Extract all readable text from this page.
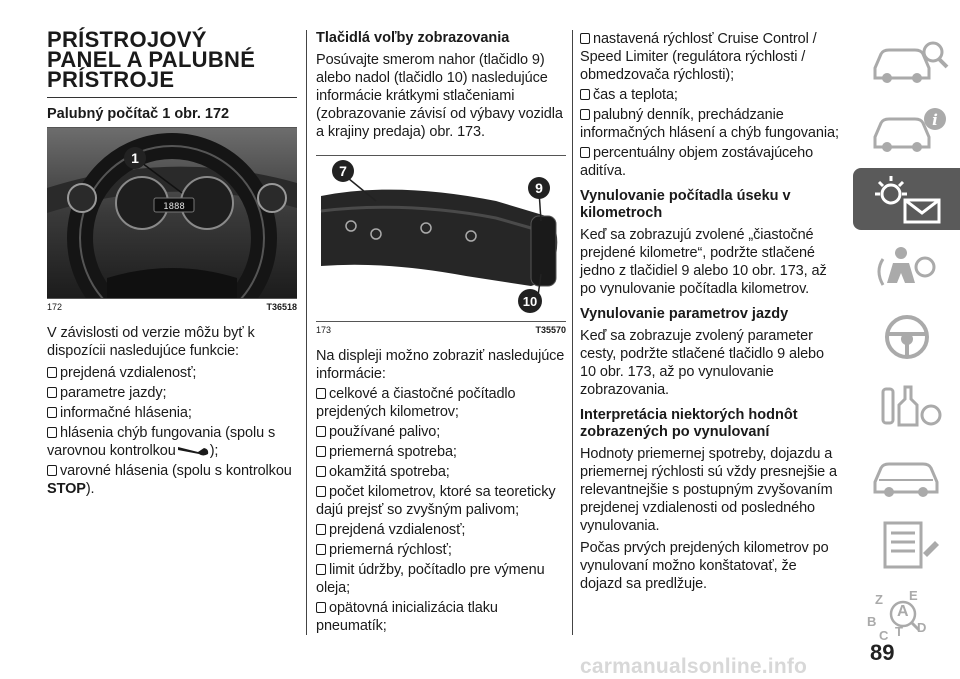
PRÍSTROJOVÝ
PANEL A PALUBNÉ
PRÍSTROJE
Palubný počítač 1 obr. 172
1888
1
172	T36518

V závislosti od verzie môžu byť k dispozícii nasledujúce funkcie:

prejdená vzdialenosť;
parametre jazdy;
informačné hlásenia;
hlásenia chýb fungovania (spolu s varovnou kontrolkou );
varovné hlásenia (spolu s kontrolkou STOP).
Tlačidlá voľby zobrazovania

Posúvajte smerom nahor (tlačidlo 9) alebo nadol (tlačidlo 10) nasledujúce informácie krátkymi stlačeniami (zobrazovanie závisí od výbavy vozidla a krajiny predaja) obr. 173.

7
9
10
173	T35570

Na displeji možno zobraziť nasledujúce informácie:

celkové a čiastočné počítadlo prejdených kilometrov;
používané palivo;
priemerná spotreba;
okamžitá spotreba;
počet kilometrov, ktoré sa teoreticky dajú prejsť so zvyšným palivom;
prejdená vzdialenosť;
priemerná rýchlosť;
limit údržby, počítadlo pre výmenu oleja;
opätovná inicializácia tlaku pneumatík;
nastavená rýchlosť Cruise Control / Speed Limiter (regulátora rýchlosti / obmedzovača rýchlosti);
čas a teplota;
palubný denník, prechádzanie informačných hlásení a chýb fungovania;
percentuálny objem zostávajúceho aditíva.
Vynulovanie počítadla úseku v kilometroch

Keď sa zobrazujú zvolené „čiastočné prejdené kilometre“, podržte stlačené jedno z tlačidiel 9 alebo 10 obr. 173, až po vynulovanie počítadla kilometrov.

Vynulovanie parametrov jazdy

Keď sa zobrazuje zvolený parameter cesty, podržte stlačené tlačidlo 9 alebo 10 obr. 173, až po vynulovanie zobrazovania.

Interpretácia niektorých hodnôt zobrazených po vynulovaní

Hodnoty priemernej spotreby, dojazdu a priemernej rýchlosti sú vždy presnejšie a relevantnejšie s postupným zvyšovaním prejdenej vzdialenosti od posledného vynulovania.

Počas prvých prejdených kilometrov po vynulovaní možno konštatovať, že dojazd sa predlžuje.

i
Z E
B
C T D
A
89
carmanualsonline.info
